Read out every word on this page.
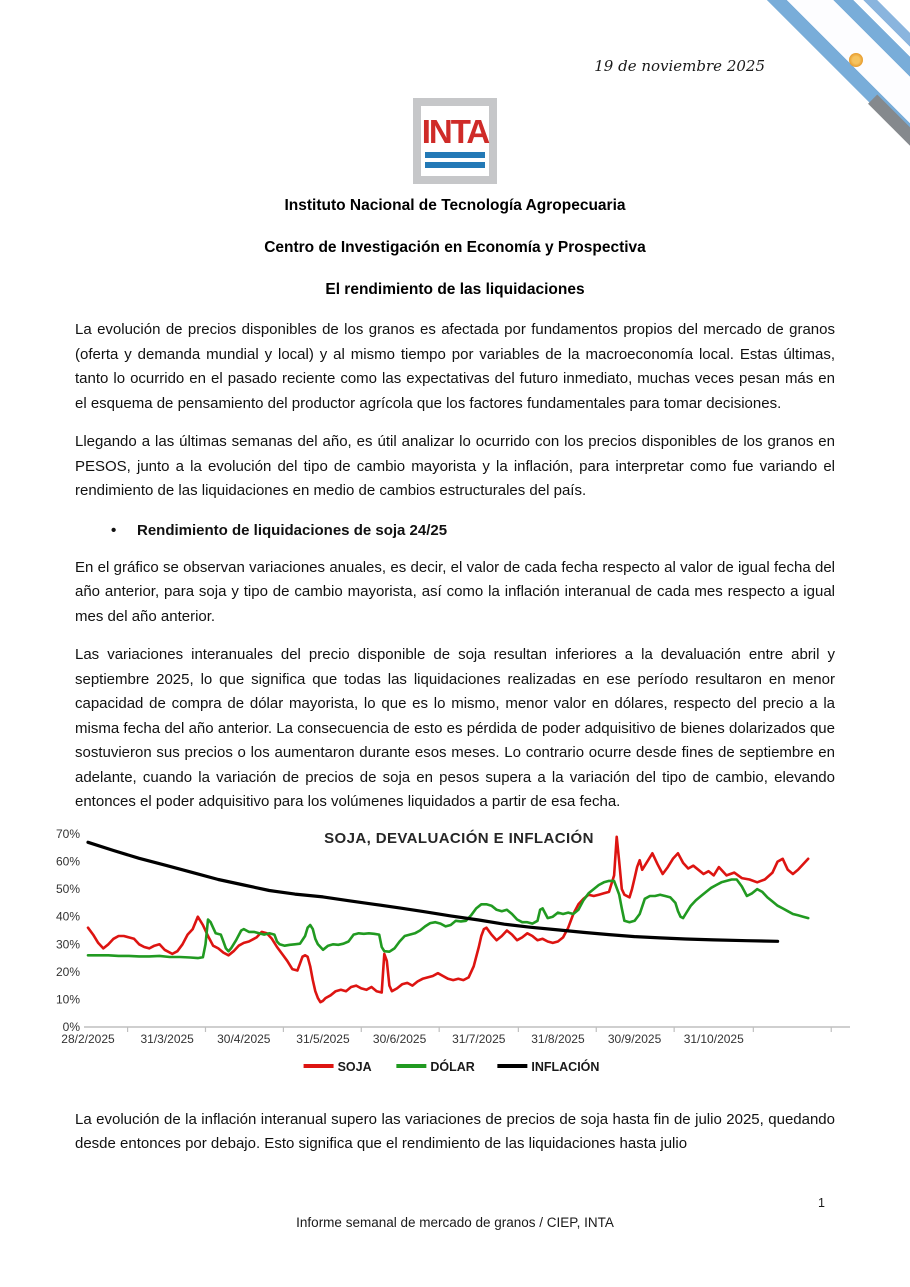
19 de noviembre 2025
INTA
Instituto Nacional de Tecnología Agropecuaria
Centro de Investigación en Economía y Prospectiva
El rendimiento de las liquidaciones
La evolución de precios disponibles de los granos es afectada por fundamentos propios del mercado de granos (oferta y demanda mundial y local) y al mismo tiempo por variables de la macroeconomía local. Estas últimas, tanto lo ocurrido en el pasado reciente como las expectativas del futuro inmediato, muchas veces pesan más en el esquema de pensamiento del productor agrícola que los factores fundamentales para tomar decisiones.
Llegando a las últimas semanas del año, es útil analizar lo ocurrido con los precios disponibles de los granos en PESOS, junto a la evolución del tipo de cambio mayorista y la inflación, para interpretar como fue variando el rendimiento de las liquidaciones en medio de cambios estructurales del país.
•	Rendimiento de liquidaciones de soja 24/25
En el gráfico se observan variaciones anuales, es decir, el valor de cada fecha respecto al valor de igual fecha del año anterior, para soja y tipo de cambio mayorista, así como la inflación interanual de cada mes respecto a igual mes del año anterior.
Las variaciones interanuales del precio disponible de soja resultan inferiores a la devaluación entre abril y septiembre 2025, lo que significa que todas las liquidaciones realizadas en ese período resultaron en menor capacidad de compra de dólar mayorista, lo que es lo mismo, menor valor en dólares, respecto del precio a la misma fecha del año anterior. La consecuencia de esto es pérdida de poder adquisitivo de bienes dolarizados que sostuvieron sus precios o los aumentaron durante esos meses. Lo contrario ocurre desde fines de septiembre en adelante, cuando la variación de precios de soja en pesos supera a la variación del tipo de cambio, elevando entonces el poder adquisitivo para los volúmenes liquidados a partir de esa fecha.
SOJA, DEVALUACIÓN E INFLACIÓN
0%
10%
20%
30%
40%
50%
60%
70%
28/2/2025 31/3/2025 30/4/2025 31/5/2025 30/6/2025 31/7/2025 31/8/2025 30/9/2025 31/10/2025
SOJA	DÓLAR	INFLACIÓN
La evolución de la inflación interanual supero las variaciones de precios de soja hasta fin de julio 2025, quedando desde entonces por debajo. Esto significa que el rendimiento de las liquidaciones hasta julio
Informe semanal de mercado de granos / CIEP, INTA
1
